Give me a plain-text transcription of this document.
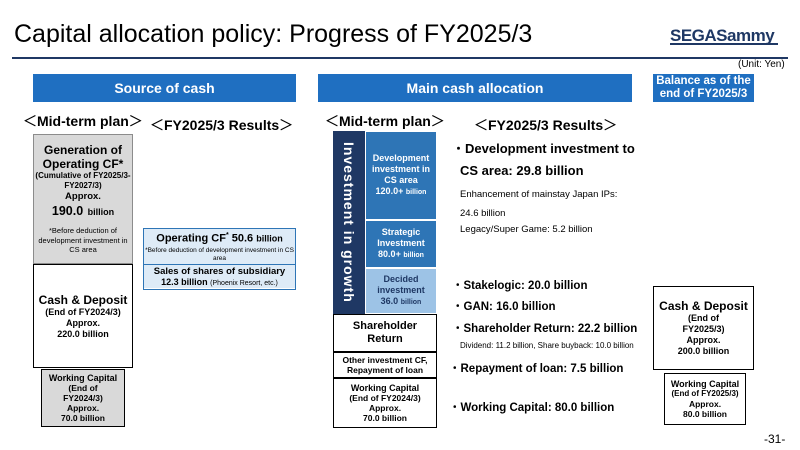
Capital allocation policy: Progress of FY2025/3	SEGASammy
(Unit: Yen)
Source of cash	Main cash allocation	Balance as of the end of FY2025/3
＜Mid-term plan＞ ＜FY2025/3 Results＞ ＜Mid-term plan＞ ＜FY2025/3 Results＞
Generation of Operating CF*
(Cumulative of FY2025/3-FY2027/3)
Approx.
190.0 billion
*Before deduction of development investment in CS area
Cash & Deposit
(End of FY2024/3)
Approx.
220.0 billion
Working Capital
(End of
FY2024/3)
Approx.
70.0 billion
Operating CF* 50.6 billion
*Before deduction of development investment in CS area
Sales of shares of subsidiary
12.3 billion (Phoenix Resort, etc.)	Investment in growth	Development investment in CS area
120.0+ billion
Strategic Investment
80.0+ billion
Decided investment
36.0 billion
Shareholder Return
Other investment CF, Repayment of loan
Working Capital
(End of FY2024/3)
Approx.
70.0 billion
・Development investment to
CS area: 29.8 billion
Enhancement of mainstay Japan IPs:
24.6 billion
Legacy/Super Game: 5.2 billion
・Stakelogic: 20.0 billion
・GAN: 16.0 billion
・Shareholder Return: 22.2 billion
Dividend: 11.2 billion, Share buyback: 10.0 billion
・Repayment of loan: 7.5 billion
・Working Capital: 80.0 billion
Cash & Deposit
(End of
FY2025/3)
Approx.
200.0 billion
Working Capital
(End of FY2025/3)
Approx.
80.0 billion
-31-
